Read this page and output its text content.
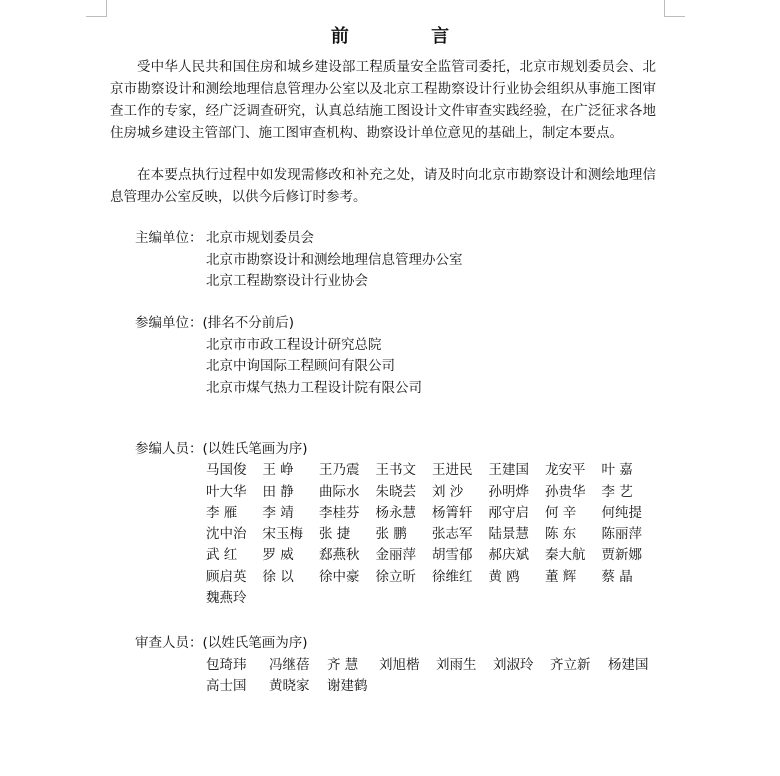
前 言

受中华人民共和国住房和城乡建设部工程质量安全监管司委托，北京市规划委员会、北京市勘察设计和测绘地理信息管理办公室以及北京工程勘察设计行业协会组织从事施工图审查工作的专家，经广泛调查研究，认真总结施工图设计文件审查实践经验，在广泛征求各地住房城乡建设主管部门、施工图审查机构、勘察设计单位意见的基础上，制定本要点。

在本要点执行过程中如发现需修改和补充之处，请及时向北京市勘察设计和测绘地理信息管理办公室反映，以供今后修订时参考。

主编单位： 北京市规划委员会
北京市勘察设计和测绘地理信息管理办公室
北京工程勘察设计行业协会
参编单位：(排名不分前后)
北京市市政工程设计研究总院
北京中询国际工程顾问有限公司
北京市煤气热力工程设计院有限公司
参编人员：(以姓氏笔画为序)
马国俊	王 峥	王乃震	王书文	王进民	王建国	龙安平	叶 嘉
叶大华	田 静	曲际水	朱晓芸	刘 沙	孙明烨	孙贵华	李 艺
李 雁	李 靖	李桂芬	杨永慧	杨箐轩	邴守启	何 辛	何纯提
沈中治	宋玉梅	张 捷	张 鹏	张志军	陆景慧	陈 东	陈丽萍
武 红	罗 威	郄燕秋	金丽萍	胡雪郁	郝庆斌	秦大航	贾新娜
顾启英	徐 以	徐中豪	徐立昕	徐维红	黄 鸥	董 辉	蔡 晶
魏燕玲
审查人员：(以姓氏笔画为序)
包琦玮	冯继蓓	齐 慧	刘旭楷	刘雨生	刘淑玲	齐立新	杨建国
高士国	黄晓家	谢建鹤
